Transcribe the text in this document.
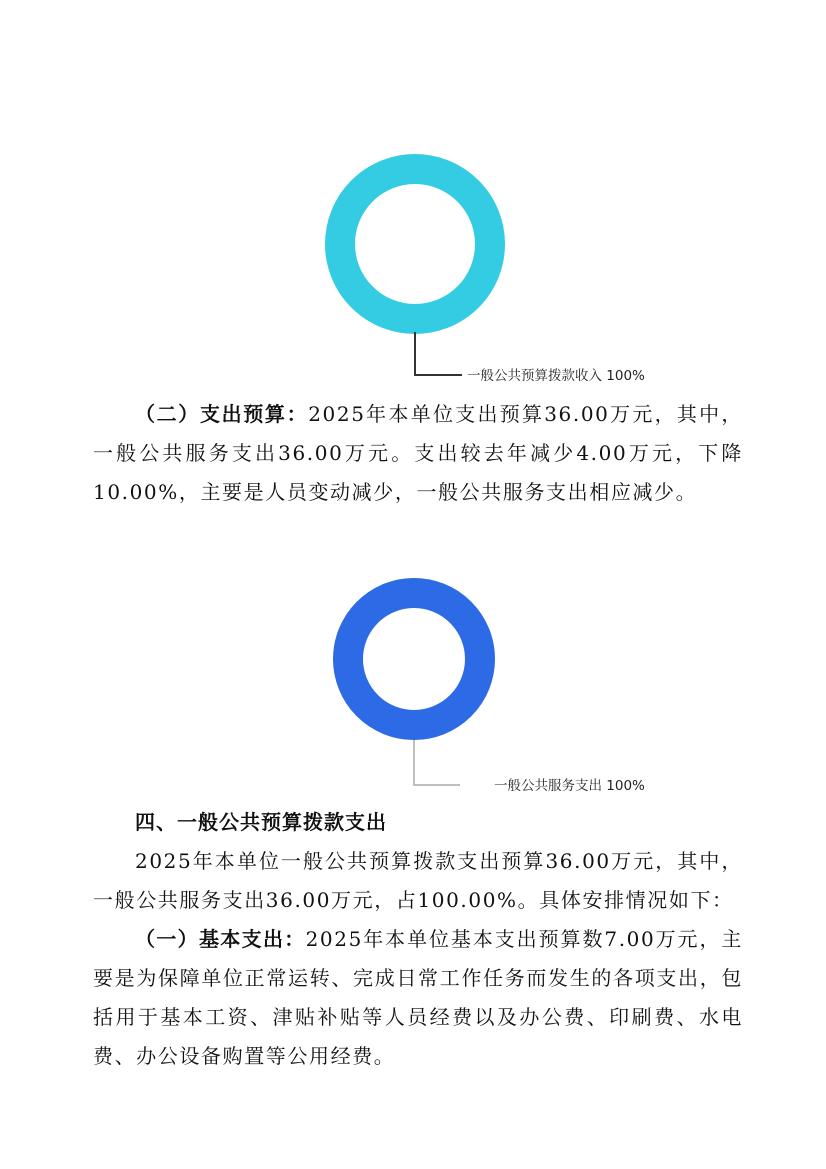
一般公共预算拨款收入 100%

（二）支出预算：2025年本单位支出预算36.00万元，其中，一般公共服务支出36.00万元。支出较去年减少4.00万元，下降10.00%，主要是人员变动减少，一般公共服务支出相应减少。

一般公共服务支出 100%

四、一般公共预算拨款支出

2025年本单位一般公共预算拨款支出预算36.00万元，其中，一般公共服务支出36.00万元，占100.00%。具体安排情况如下：

（一）基本支出：2025年本单位基本支出预算数7.00万元，主要是为保障单位正常运转、完成日常工作任务而发生的各项支出，包括用于基本工资、津贴补贴等人员经费以及办公费、印刷费、水电费、办公设备购置等公用经费。
